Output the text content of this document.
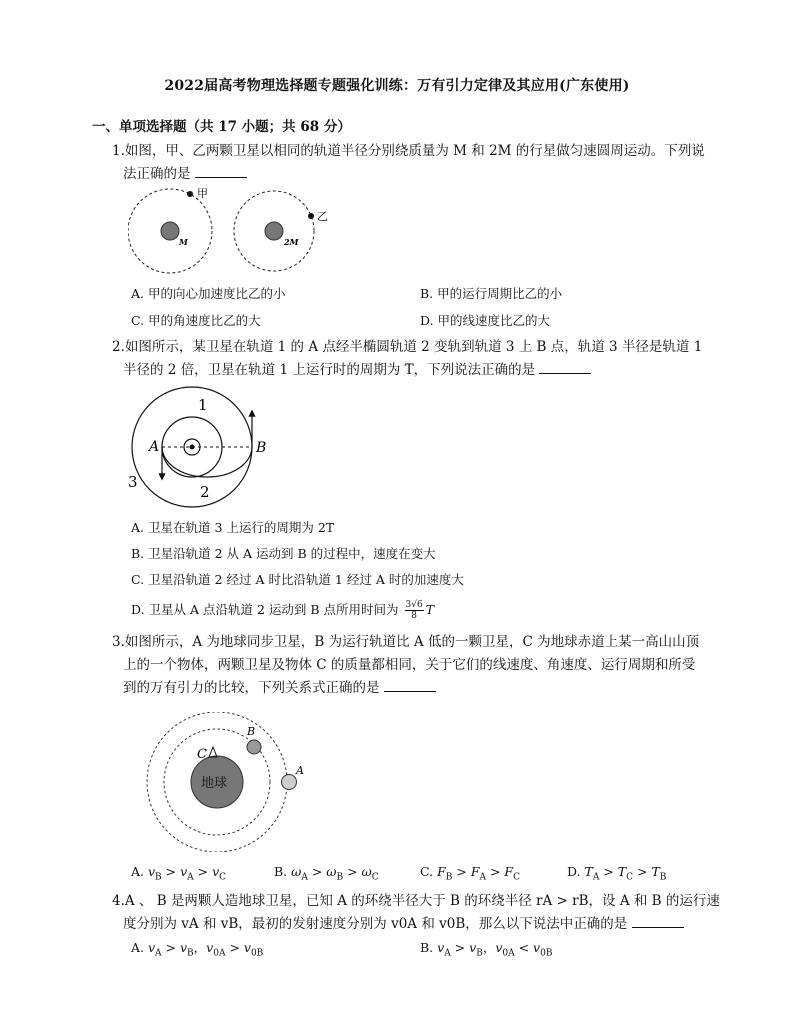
2022届高考物理选择题专题强化训练：万有引力定律及其应用(广东使用)
一、单项选择题（共 17 小题；共 68 分）
1.如图，甲、乙两颗卫星以相同的轨道半径分别绕质量为 M 和 2M 的行星做匀速圆周运动。下列说
法正确的是
甲
M
乙
2M
A. 甲的向心加速度比乙的小	B. 甲的运行周期比乙的小
C. 甲的角速度比乙的大	D. 甲的线速度比乙的大
2.如图所示，某卫星在轨道 1 的 A 点经半椭圆轨道 2 变轨到轨道 3 上 B 点，轨道 3 半径是轨道 1
半径的 2 倍，卫星在轨道 1 上运行时的周期为 T，下列说法正确的是
1
2
3
A	B
A. 卫星在轨道 3 上运行的周期为 2T
B. 卫星沿轨道 2 从 A 运动到 B 的过程中，速度在变大
C. 卫星沿轨道 2 经过 A 时比沿轨道 1 经过 A 时的加速度大
D. 卫星从 A 点沿轨道 2 运动到 B 点所用时间为 $\frac{3√6}{8}$ T
3.如图所示，A 为地球同步卫星，B 为运行轨道比 A 低的一颗卫星，C 为地球赤道上某一高山山顶
上的一个物体，两颗卫星及物体 C 的质量都相同，关于它们的线速度、角速度、运行周期和所受
到的万有引力的比较，下列关系式正确的是
地球
B
A
C
A. $v_B > v_A > v_C$	B. $\omega_A > \omega_B > \omega_C$	C. $F_B > F_A > F_C$	D. $T_A > T_C > T_B$
4.A 、 B 是两颗人造地球卫星，已知 A 的环绕半径大于 B 的环绕半径 rA > rB，设 A 和 B 的运行速
度分别为 vA 和 vB，最初的发射速度分别为 v0A 和 v0B，那么以下说法中正确的是
A. $v_A > v_B$，$v_{0A} > v_{0B}$	B. $v_A > v_B$，$v_{0A} < v_{0B}$
